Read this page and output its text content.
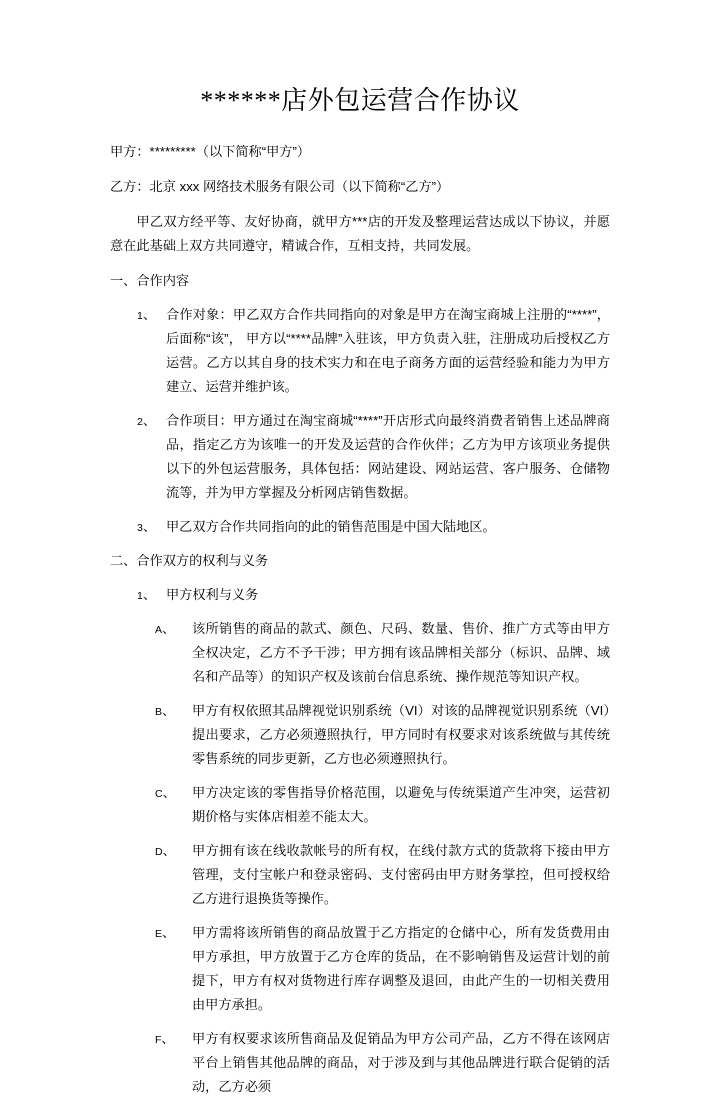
******店外包运营合作协议

甲方：*********（以下简称“甲方”）

乙方：北京 xxx 网络技术服务有限公司（以下简称“乙方”）

甲乙双方经平等、友好协商，就甲方***店的开发及整理运营达成以下协议，并愿意在此基础上双方共同遵守，精诚合作，互相支持，共同发展。

一、合作内容

1、 合作对象：甲乙双方合作共同指向的对象是甲方在淘宝商城上注册的“****”，后面称“该”， 甲方以“****品牌”入驻该，甲方负责入驻，注册成功后授权乙方运营。乙方以其自身的技术实力和在电子商务方面的运营经验和能力为甲方建立、运营并维护该。

2、 合作项目：甲方通过在淘宝商城“****”开店形式向最终消费者销售上述品牌商品，指定乙方为该唯一的开发及运营的合作伙伴；乙方为甲方该项业务提供以下的外包运营服务，具体包括：网站建设、网站运营、客户服务、仓储物流等，并为甲方掌握及分析网店销售数据。

3、 甲乙双方合作共同指向的此的销售范围是中国大陆地区。

二、合作双方的权利与义务

1、 甲方权利与义务

A、	该所销售的商品的款式、颜色、尺码、数量、售价、推广方式等由甲方全权决定，乙方不予干涉；甲方拥有该品牌相关部分（标识、品牌、域名和产品等）的知识产权及该前台信息系统、操作规范等知识产权。

B、	甲方有权依照其品牌视觉识别系统（VI）对该的品牌视觉识别系统（VI）提出要求，乙方必须遵照执行，甲方同时有权要求对该系统做与其传统零售系统的同步更新，乙方也必须遵照执行。

C、	甲方决定该的零售指导价格范围，以避免与传统渠道产生冲突，运营初期价格与实体店相差不能太大。

D、	甲方拥有该在线收款帐号的所有权，在线付款方式的货款将下接由甲方管理，支付宝帐户和登录密码、支付密码由甲方财务掌控，但可授权给乙方进行退换货等操作。

E、	甲方需将该所销售的商品放置于乙方指定的仓储中心，所有发货费用由甲方承担，甲方放置于乙方仓库的货品，在不影响销售及运营计划的前提下，甲方有权对货物进行库存调整及退回，由此产生的一切相关费用由甲方承担。

F、	甲方有权要求该所售商品及促销品为甲方公司产品，乙方不得在该网店平台上销售其他品牌的商品，对于涉及到与其他品牌进行联合促销的活动，乙方必须
